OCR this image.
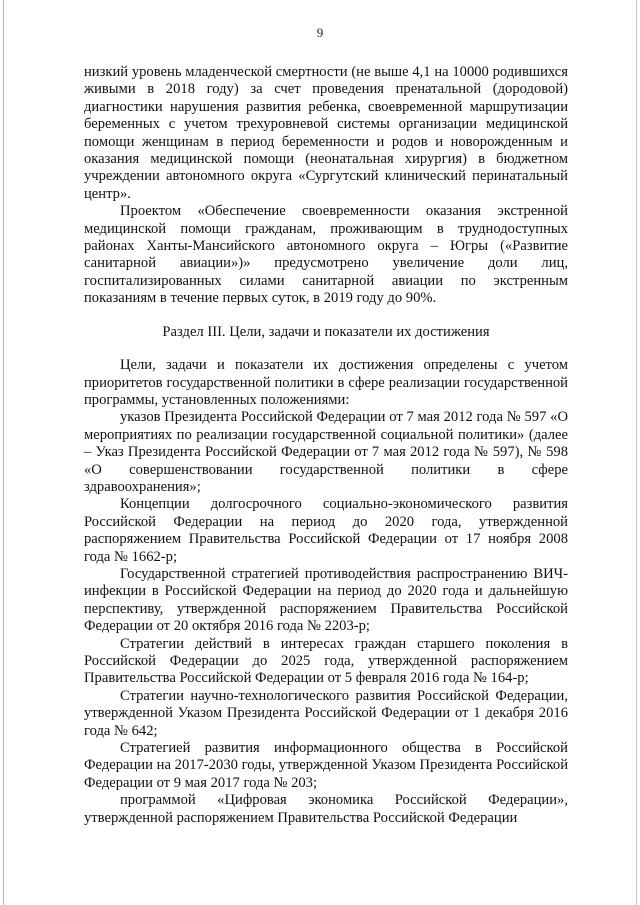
9

низкий уровень младенческой смертности (не выше 4,1 на 10000 родившихся живыми в 2018 году) за счет проведения пренатальной (дородовой) диагностики нарушения развития ребенка, своевременной маршрутизации беременных с учетом трехуровневой системы организации медицинской помощи женщинам в период беременности и родов и новорожденным и оказания медицинской помощи (неонатальная хирургия) в бюджетном учреждении автономного округа «Сургутский клинический перинатальный центр».

Проектом «Обеспечение своевременности оказания экстренной медицинской помощи гражданам, проживающим в труднодоступных районах Ханты-Мансийского автономного округа – Югры («Развитие санитарной авиации»)» предусмотрено увеличение доли лиц, госпитализированных силами санитарной авиации по экстренным показаниям в течение первых суток, в 2019 году до 90%.

Раздел III. Цели, задачи и показатели их достижения

Цели, задачи и показатели их достижения определены с учетом приоритетов государственной политики в сфере реализации государственной программы, установленных положениями:

указов Президента Российской Федерации от 7 мая 2012 года № 597 «О мероприятиях по реализации государственной социальной политики» (далее – Указ Президента Российской Федерации от 7 мая 2012 года № 597), № 598 «О совершенствовании государственной политики в сфере здравоохранения»;

Концепции долгосрочного социально-экономического развития Российской Федерации на период до 2020 года, утвержденной распоряжением Правительства Российской Федерации от 17 ноября 2008 года № 1662-р;

Государственной стратегией противодействия распространению ВИЧ-инфекции в Российской Федерации на период до 2020 года и дальнейшую перспективу, утвержденной распоряжением Правительства Российской Федерации от 20 октября 2016 года № 2203-р;

Стратегии действий в интересах граждан старшего поколения в Российской Федерации до 2025 года, утвержденной распоряжением Правительства Российской Федерации от 5 февраля 2016 года № 164-р;

Стратегии научно-технологического развития Российской Федерации, утвержденной Указом Президента Российской Федерации от 1 декабря 2016 года № 642;

Стратегией развития информационного общества в Российской Федерации на 2017-2030 годы, утвержденной Указом Президента Российской Федерации от 9 мая 2017 года № 203;

программой «Цифровая экономика Российской Федерации», утвержденной распоряжением Правительства Российской Федерации
